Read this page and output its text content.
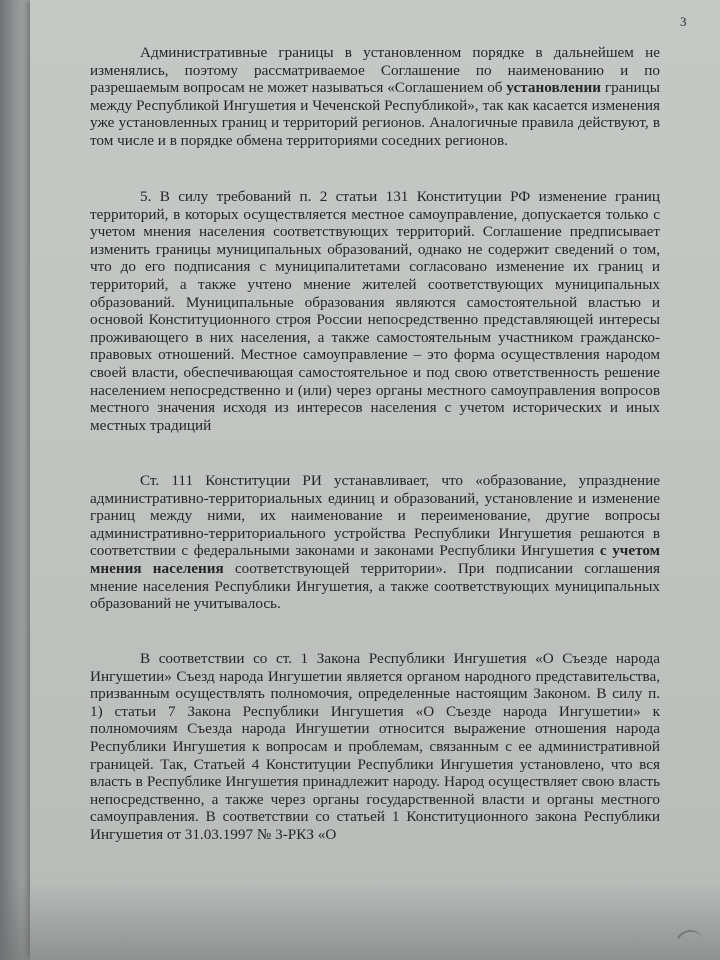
3

Административные границы в установленном порядке в дальнейшем не изменялись, поэтому рассматриваемое Соглашение по наименованию и по разрешаемым вопросам не может называться «Соглашением об установлении границы между Республикой Ингушетия и Чеченской Республикой», так как касается изменения уже установленных границ и территорий регионов. Аналогичные правила действуют, в том числе и в порядке обмена территориями соседних регионов.

5. В силу требований п. 2 статьи 131 Конституции РФ изменение границ территорий, в которых осуществляется местное самоуправление, допускается только с учетом мнения населения соответствующих территорий. Соглашение предписывает изменить границы муниципальных образований, однако не содержит сведений о том, что до его подписания с муниципалитетами согласовано изменение их границ и территорий, а также учтено мнение жителей соответствующих муниципальных образований. Муниципальные образования являются самостоятельной властью и основой Конституционного строя России непосредственно представляющей интересы проживающего в них населения, а также самостоятельным участником гражданско-правовых отношений. Местное самоуправление – это форма осуществления народом своей власти, обеспечивающая самостоятельное и под свою ответственность решение населением непосредственно и (или) через органы местного самоуправления вопросов местного значения исходя из интересов населения с учетом исторических и иных местных традиций

Ст. 111 Конституции РИ устанавливает, что «образование, упразднение административно-территориальных единиц и образований, установление и изменение границ между ними, их наименование и переименование, другие вопросы административно-территориального устройства Республики Ингушетия решаются в соответствии с федеральными законами и законами Республики Ингушетия с учетом мнения населения соответствующей территории». При подписании соглашения мнение населения Республики Ингушетия, а также соответствующих муниципальных образований не учитывалось.

В соответствии со ст. 1 Закона Республики Ингушетия «О Съезде народа Ингушетии» Съезд народа Ингушетии является органом народного представительства, призванным осуществлять полномочия, определенные настоящим Законом. В силу п. 1) статьи 7 Закона Республики Ингушетия «О Съезде народа Ингушетии» к полномочиям Съезда народа Ингушетии относится выражение отношения народа Республики Ингушетия к вопросам и проблемам, связанным с ее административной границей. Так, Статьей 4 Конституции Республики Ингушетия установлено, что вся власть в Республике Ингушетия принадлежит народу. Народ осуществляет свою власть непосредственно, а также через органы государственной власти и органы местного самоуправления. В соответствии со статьей 1 Конституционного закона Республики Ингушетия от 31.03.1997 № 3-РКЗ «О
